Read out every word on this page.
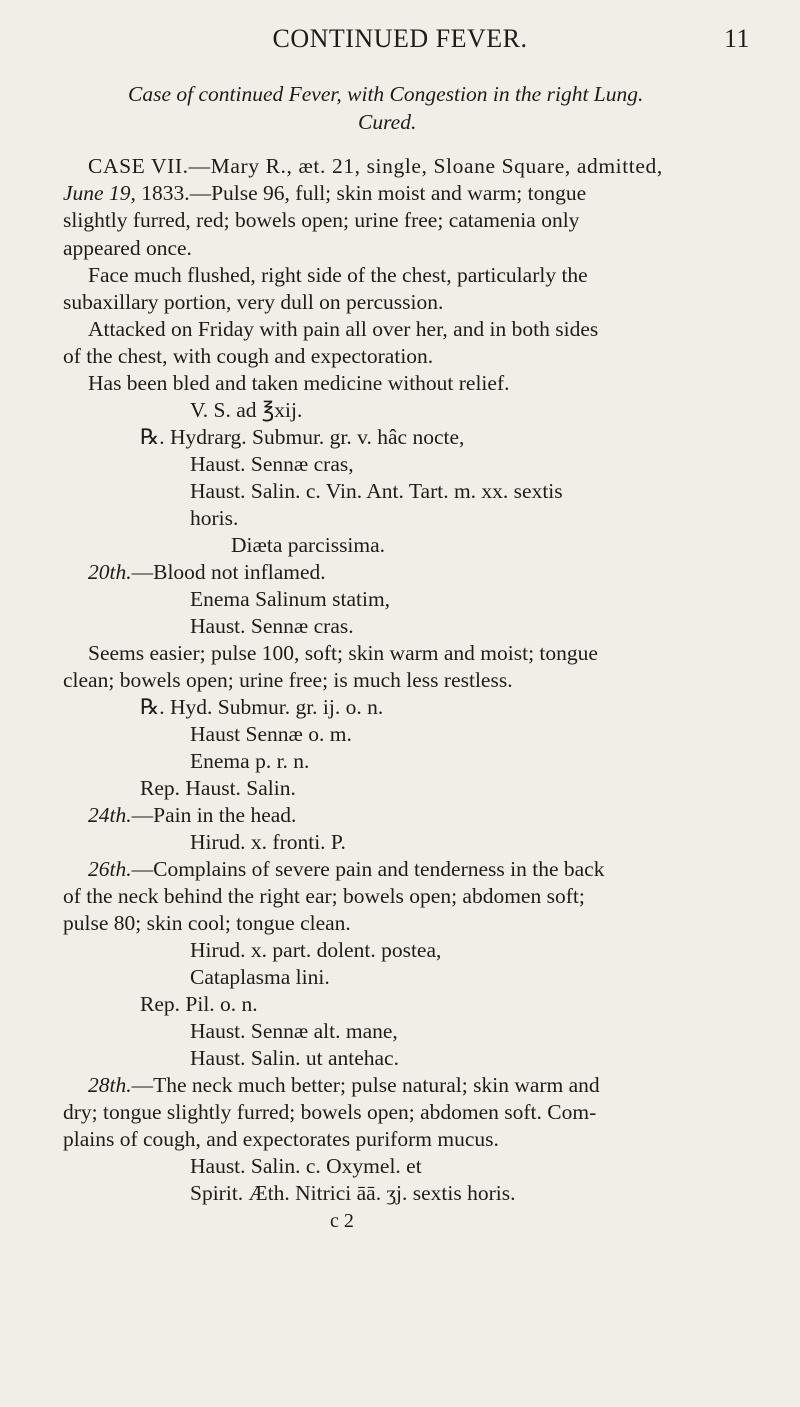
CONTINUED FEVER.	11
Case of continued Fever, with Congestion in the right Lung.
Cured.
CASE VII.—Mary R., æt. 21, single, Sloane Square, admitted,
June 19, 1833.—Pulse 96, full; skin moist and warm; tongue
slightly furred, red; bowels open; urine free; catamenia only
appeared once.
Face much flushed, right side of the chest, particularly the
subaxillary portion, very dull on percussion.
Attacked on Friday with pain all over her, and in both sides
of the chest, with cough and expectoration.
Has been bled and taken medicine without relief.
V. S. ad ℥xij.
℞. Hydrarg. Submur. gr. v. hâc nocte,
Haust. Sennæ cras,
Haust. Salin. c. Vin. Ant. Tart. m. xx. sextis
horis.
Diæta parcissima.
20th.—Blood not inflamed.
Enema Salinum statim,
Haust. Sennæ cras.
Seems easier; pulse 100, soft; skin warm and moist; tongue
clean; bowels open; urine free; is much less restless.
℞. Hyd. Submur. gr. ij. o. n.
Haust Sennæ o. m.
Enema p. r. n.
Rep. Haust. Salin.
24th.—Pain in the head.
Hirud. x. fronti. P.
26th.—Complains of severe pain and tenderness in the back
of the neck behind the right ear; bowels open; abdomen soft;
pulse 80; skin cool; tongue clean.
Hirud. x. part. dolent. postea,
Cataplasma lini.
Rep. Pil. o. n.
Haust. Sennæ alt. mane,
Haust. Salin. ut antehac.
28th.—The neck much better; pulse natural; skin warm and
dry; tongue slightly furred; bowels open; abdomen soft. Com-
plains of cough, and expectorates puriform mucus.
Haust. Salin. c. Oxymel. et
Spirit. Æth. Nitrici āā. ʒj. sextis horis.
c 2
